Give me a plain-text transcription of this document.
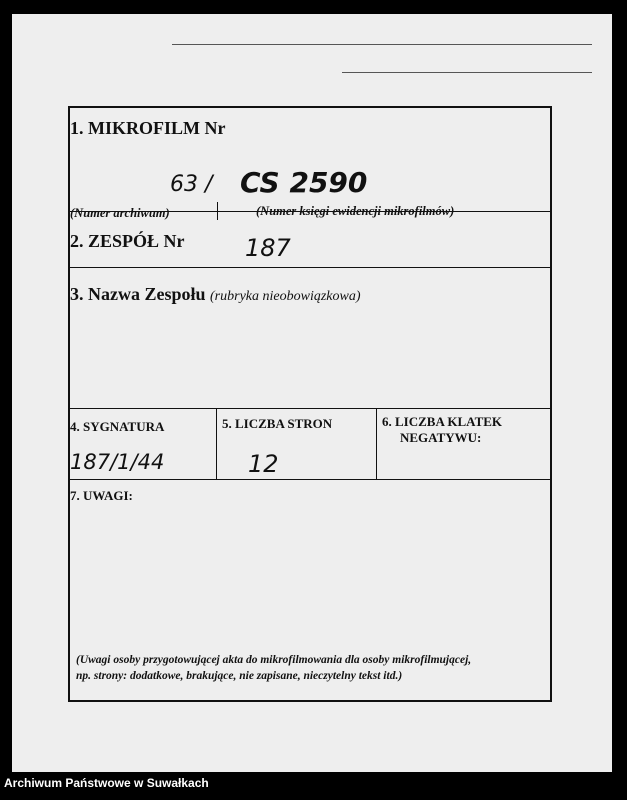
1. MIKROFILM Nr
63 / CS 2590
(Numer archiwum)	(Numer księgi ewidencji mikrofilmów)
2. ZESPÓŁ Nr	187
3. Nazwa Zespołu (rubryka nieobowiązkowa)
4. SYGNATURA
187/1/44
5. LICZBA STRON
12
6. LICZBA KLATEK
NEGATYWU:
7. UWAGI:
(Uwagi osoby przygotowującej akta do mikrofilmowania dla osoby mikrofilmującej,
np. strony: dodatkowe, brakujące, nie zapisane, nieczytelny tekst itd.)
Archiwum Państwowe w Suwałkach
